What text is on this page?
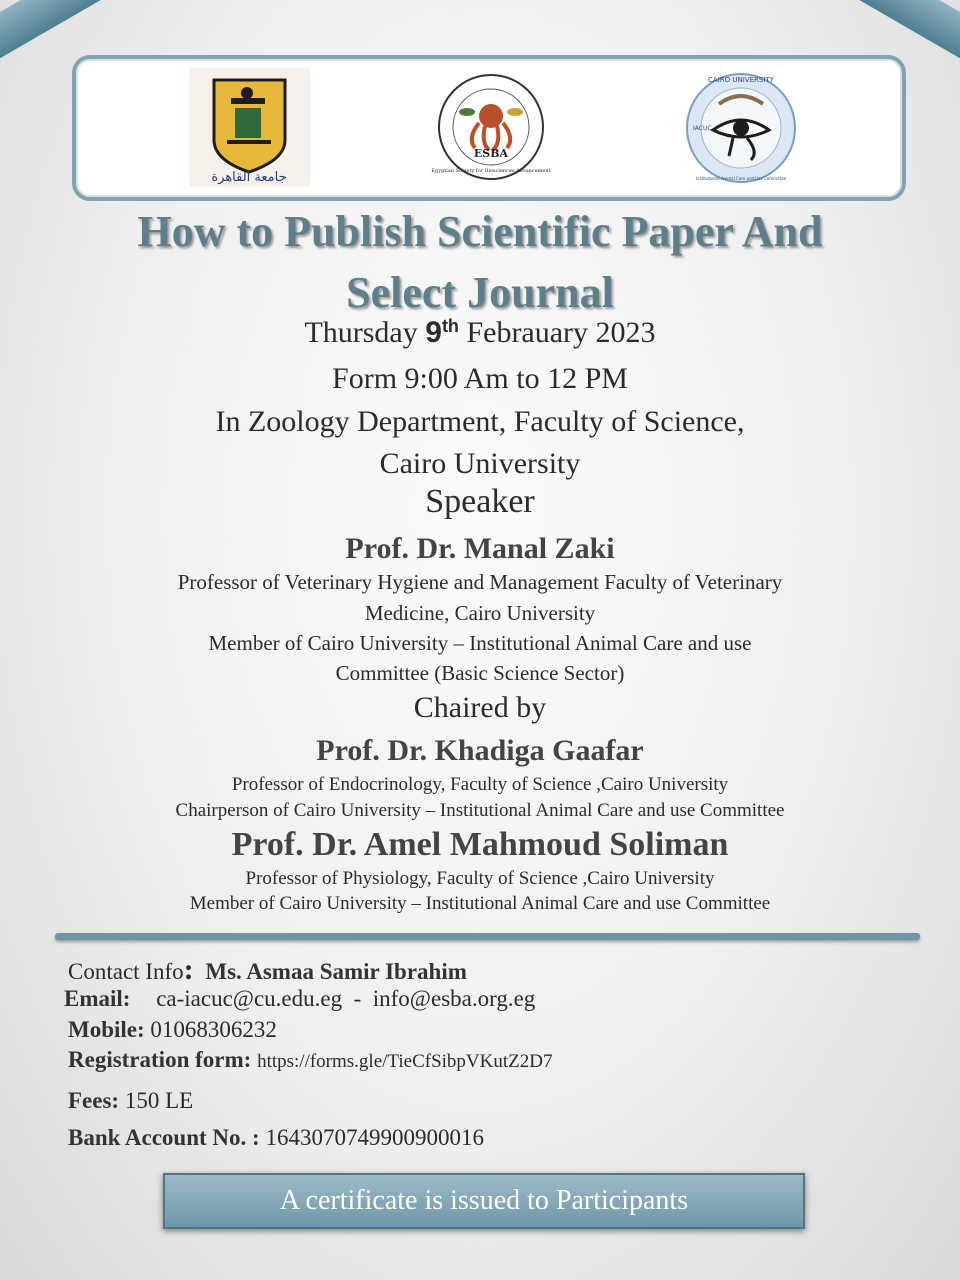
جامعة القاهرة
ESBA
Egyptian Society for Biosciences Advancement
CAIRO UNIVERSITY
IACUC
Institutional Animal Care and Use Committee
How to Publish Scientific Paper And
Select Journal
Thursday 9th Febrauary 2023
Form 9:00 Am to 12 PM
In Zoology Department, Faculty of Science,
Cairo University
Speaker
Prof. Dr. Manal Zaki
Professor of Veterinary Hygiene and Management Faculty of Veterinary
Medicine, Cairo University
Member of Cairo University – Institutional Animal Care and use
Committee (Basic Science Sector)
Chaired by
Prof. Dr. Khadiga Gaafar
Professor of Endocrinology, Faculty of Science ,Cairo University
Chairperson of Cairo University – Institutional Animal Care and use Committee
Prof. Dr. Amel Mahmoud Soliman
Professor of Physiology, Faculty of Science ,Cairo University
Member of Cairo University – Institutional Animal Care and use Committee
Contact Info: Ms. Asmaa Samir Ibrahim
Email: ca-iacuc@cu.edu.eg  -  info@esba.org.eg
Mobile: 01068306232
Registration form: https://forms.gle/TieCfSibpVKutZ2D7
Fees: 150 LE
Bank Account No. : 1643070749900900016
A certificate is issued to Participants
